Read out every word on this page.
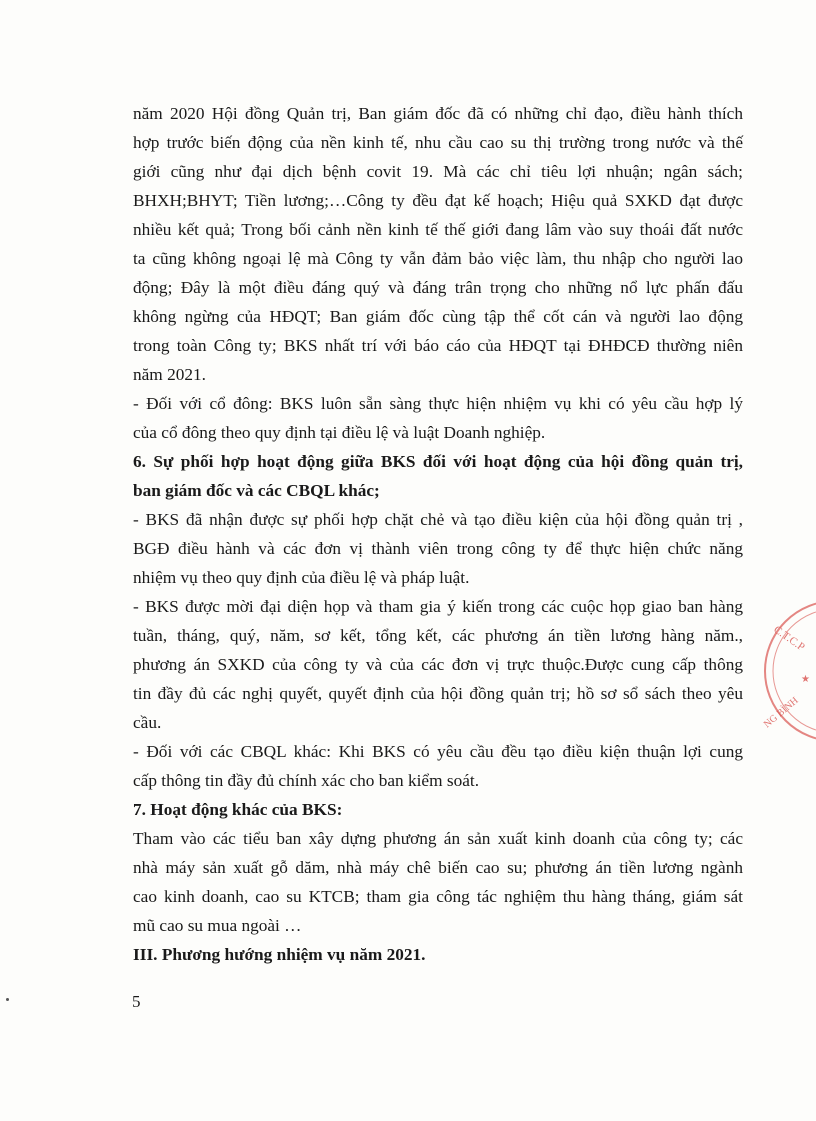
năm 2020 Hội đồng Quản trị, Ban giám đốc đã có những chỉ đạo, điều hành thích
hợp trước biến động của nền kinh tế, nhu cầu cao su thị trường trong nước và thế
giới cũng như đại dịch bệnh covit 19. Mà các chỉ tiêu lợi nhuận; ngân sách;
BHXH;BHYT; Tiền lương;…Công ty đều đạt kế hoạch; Hiệu quả SXKD đạt được
nhiều kết quả; Trong bối cảnh nền kinh tế thế giới đang lâm vào suy thoái đất nước
ta cũng không ngoại lệ mà Công ty vẫn đảm bảo việc làm, thu nhập cho người lao
động; Đây là một điều đáng quý và đáng trân trọng cho những nổ lực phấn đấu
không ngừng của HĐQT; Ban giám đốc cùng tập thể cốt cán và người lao động
trong toàn Công ty; BKS nhất trí với báo cáo của HĐQT tại ĐHĐCĐ thường niên
năm 2021.
- Đối với cổ đông: BKS luôn sẵn sàng thực hiện nhiệm vụ khi có yêu cầu hợp lý
của cổ đông theo quy định tại điều lệ và luật Doanh nghiệp.
6. Sự phối hợp hoạt động giữa BKS đối với hoạt động của hội đồng quản trị,
ban giám đốc và các CBQL khác;
- BKS đã nhận được sự phối hợp chặt chẻ và tạo điều kiện của hội đồng quản trị ,
BGĐ điều hành và các đơn vị thành viên trong công ty để thực hiện chức năng
nhiệm vụ theo quy định của điều lệ và pháp luật.
- BKS được mời đại diện họp và tham gia ý kiến trong các cuộc họp giao ban hàng
tuần, tháng, quý, năm, sơ kết, tổng kết, các phương án tiền lương hàng năm.,
phương án SXKD của công ty và của các đơn vị trực thuộc.Được cung cấp thông
tin đầy đủ các nghị quyết, quyết định của hội đồng quản trị; hồ sơ sổ sách theo yêu
cầu.
- Đối với các CBQL khác: Khi BKS có yêu cầu đều tạo điều kiện thuận lợi cung
cấp thông tin đầy đủ chính xác cho ban kiểm soát.
7. Hoạt động khác của BKS:
Tham vào các tiểu ban xây dựng phương án sản xuất kinh doanh của công ty; các
nhà máy sản xuất gỗ dăm, nhà máy chê biến cao su; phương án tiền lương ngành
cao kinh doanh, cao su KTCB; tham gia công tác nghiệm thu hàng tháng, giám sát
mũ cao su mua ngoài …
III. Phương hướng nhiệm vụ năm 2021.
5
C.T.C.P
★
NG BÌNH
